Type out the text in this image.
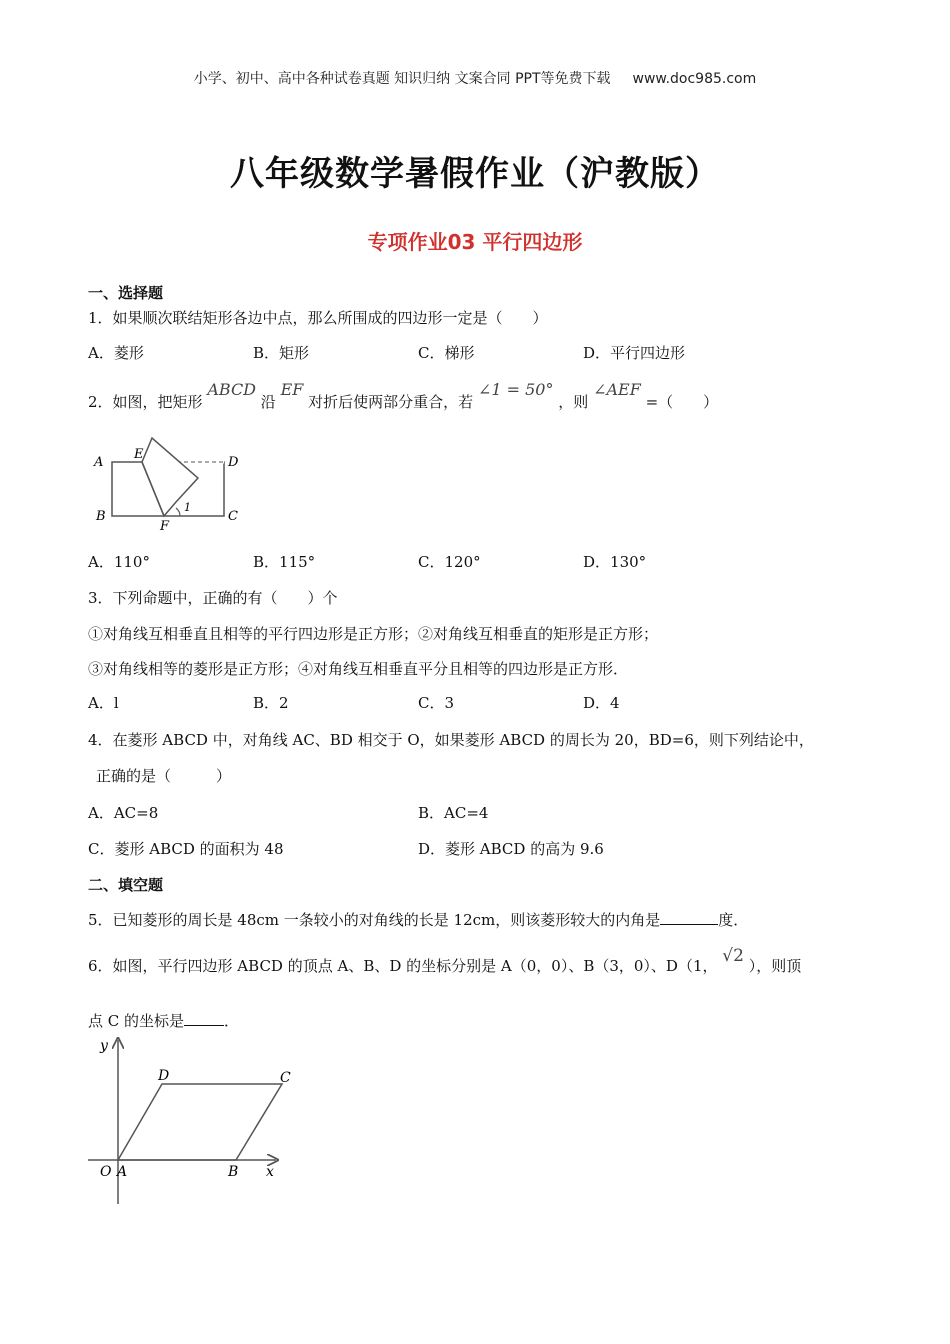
小学、初中、高中各种试卷真题 知识归纳 文案合同 PPT等免费下载 www.doc985.com
八年级数学暑假作业（沪教版）
专项作业03 平行四边形
一、选择题
1．如果顺次联结矩形各边中点，那么所围成的四边形一定是（　　）
A．菱形	B．矩形	C．梯形	D．平行四边形
2．如图，把矩形 ABCD 沿 EF 对折后使两部分重合，若 ∠1 = 50° ，则 ∠AEF =（　　）
A
E
D
B
F
C
1
A．110°	B．115°	C．120°	D．130°
3．下列命题中，正确的有（　　）个
①对角线互相垂直且相等的平行四边形是正方形；②对角线互相垂直的矩形是正方形；
③对角线相等的菱形是正方形；④对角线互相垂直平分且相等的四边形是正方形．
A．l	B．2	C．3	D．4
4．在菱形 ABCD 中，对角线 AC、BD 相交于 O，如果菱形 ABCD 的周长为 20，BD=6，则下列结论中，
正确的是（　　　）
A．AC=8	B．AC=4
C．菱形 ABCD 的面积为 48	D．菱形 ABCD 的高为 9.6
二、填空题
5．已知菱形的周长是 48cm 一条较小的对角线的长是 12cm，则该菱形较大的内角是	度．
6．如图，平行四边形 ABCD 的顶点 A、B、D 的坐标分别是 A（0，0）、B（3，0）、D（1， √2 ），则顶
点 C 的坐标是	．
y
x
O A	B
C
D
